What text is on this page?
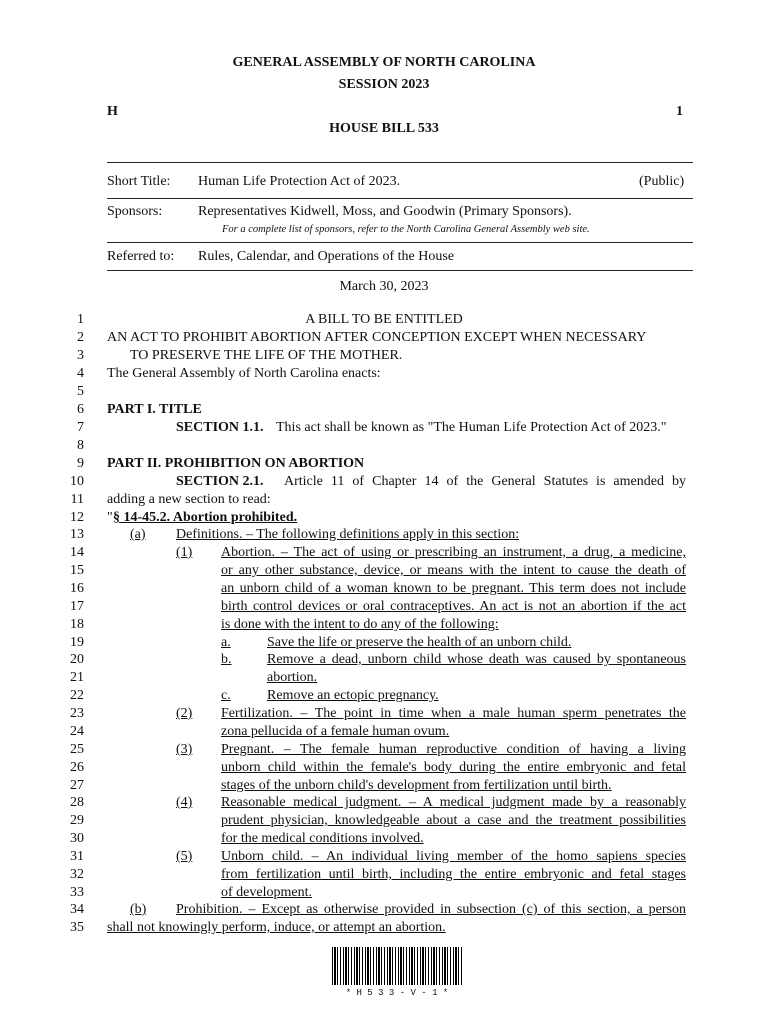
GENERAL ASSEMBLY OF NORTH CAROLINA
SESSION 2023
H	1
HOUSE BILL 533
Short Title: Human Life Protection Act of 2023.	(Public)
Sponsors:	Representatives Kidwell, Moss, and Goodwin (Primary Sponsors).
For a complete list of sponsors, refer to the North Carolina General Assembly web site.
Referred to: Rules, Calendar, and Operations of the House
March 30, 2023
1
2
3
4
5
6
7
8
9
10
11
12
13
14
15
16
17
18
19
20
21
22
23
24
25
26
27
28
29
30
31
32
33
34
35
A BILL TO BE ENTITLED
AN ACT TO PROHIBIT ABORTION AFTER CONCEPTION EXCEPT WHEN NECESSARY
TO PRESERVE THE LIFE OF THE MOTHER.
The General Assembly of North Carolina enacts:
PART I. TITLE
SECTION 1.1. This act shall be known as "The Human Life Protection Act of 2023."
PART II. PROHIBITION ON ABORTION
SECTION 2.1. Article 11 of Chapter 14 of the General Statutes is amended by
adding a new section to read:
" § 14-45.2. Abortion prohibited.
(a) Definitions. – The following definitions apply in this section:
(1) Abortion. – The act of using or prescribing an instrument, a drug, a medicine,
or any other substance, device, or means with the intent to cause the death of
an unborn child of a woman known to be pregnant. This term does not include
birth control devices or oral contraceptives. An act is not an abortion if the act
is done with the intent to do any of the following:
a.	Save the life or preserve the health of an unborn child.
b.	Remove a dead, unborn child whose death was caused by spontaneous
abortion.
c.	Remove an ectopic pregnancy.
(2) Fertilization. – The point in time when a male human sperm penetrates the
zona pellucida of a female human ovum.
(3) Pregnant. – The female human reproductive condition of having a living
unborn child within the female's body during the entire embryonic and fetal
stages of the unborn child's development from fertilization until birth.
(4) Reasonable medical judgment. – A medical judgment made by a reasonably
prudent physician, knowledgeable about a case and the treatment possibilities
for the medical conditions involved.
(5) Unborn child. – An individual living member of the homo sapiens species
from fertilization until birth, including the entire embryonic and fetal stages
of development.
(b) Prohibition. – Except as otherwise provided in subsection (c) of this section, a person
shall not knowingly perform, induce, or attempt an abortion.
* H 5 3 3 - V - 1 *
